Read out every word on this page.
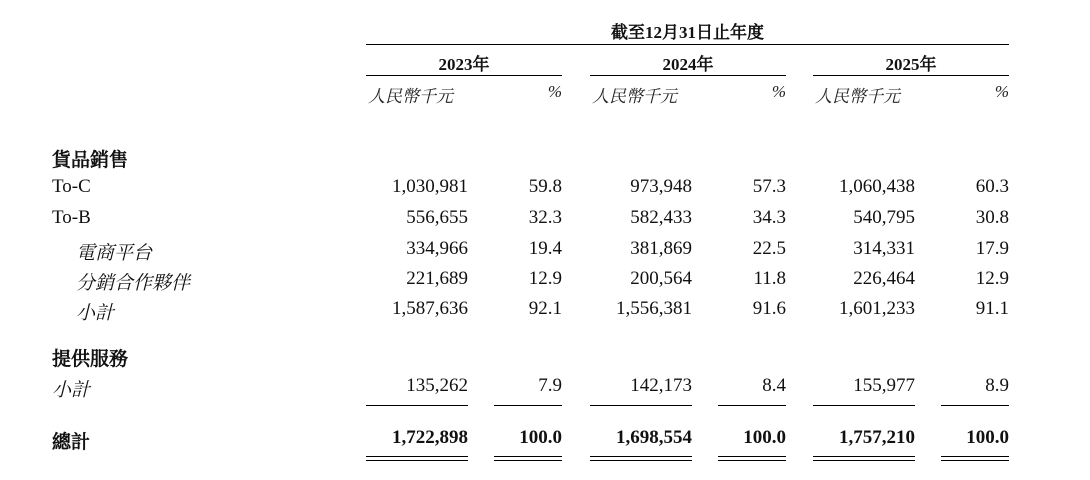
截至12月31日止年度
2023年	2024年	2025年
人民幣千元	% 人民幣千元	% 人民幣千元	%
貨品銷售
To-C	1,030,981	59.8	973,948	57.3	1,060,438	60.3
To-B	556,655	32.3	582,433	34.3	540,795	30.8
電商平台	334,966	19.4	381,869	22.5	314,331	17.9
分銷合作夥伴	221,689	12.9	200,564	11.8	226,464	12.9
小計	1,587,636	92.1	1,556,381	91.6	1,601,233	91.1
提供服務
小計	135,262	7.9	142,173	8.4	155,977	8.9
總計	1,722,898	100.0	1,698,554	100.0	1,757,210	100.0
